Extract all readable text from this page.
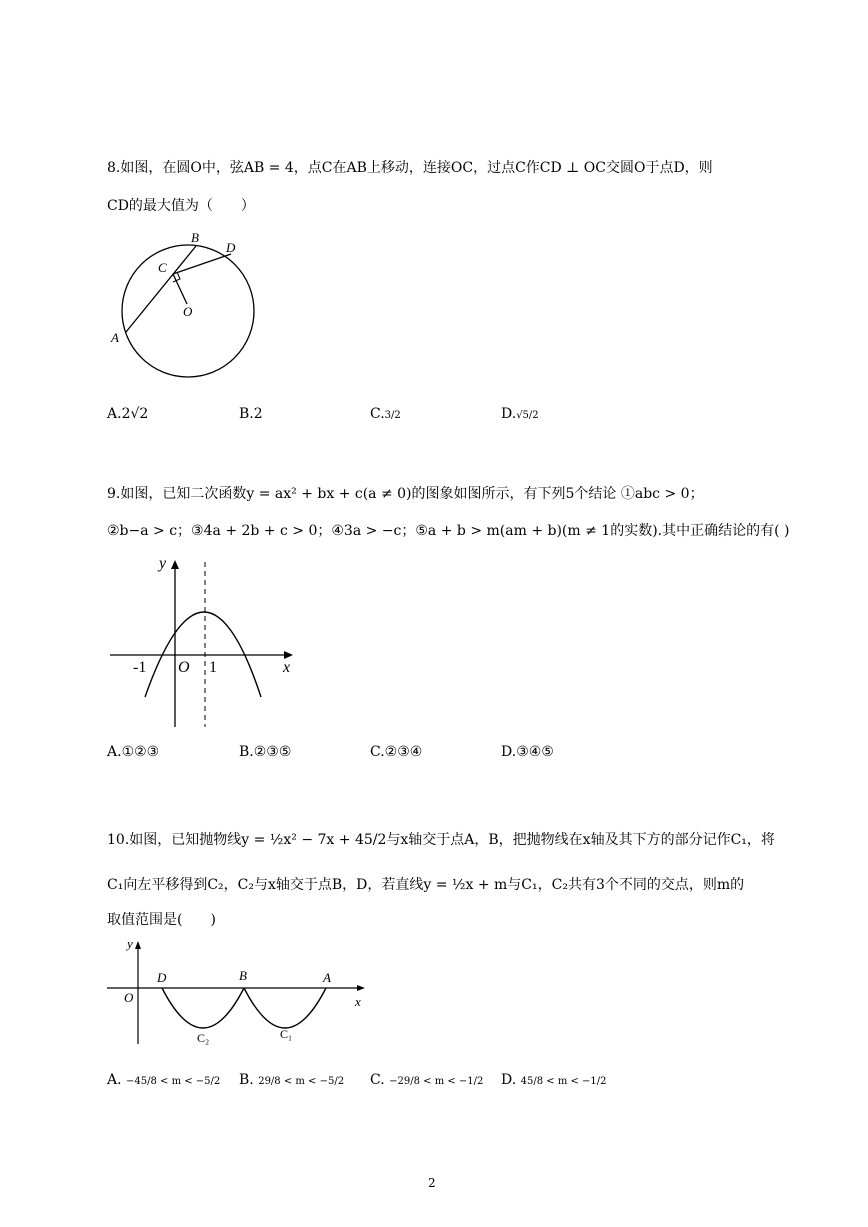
8.如图，在圆O中，弦AB = 4，点C在AB上移动，连接OC，过点C作CD ⊥ OC交圆O于点D，则
CD的最大值为（　　）
B
D
C
O
A
A.2√2	B.2	C.3/2	D.√5/2
9.如图，已知二次函数y = ax² + bx + c(a ≠ 0)的图象如图所示，有下列5个结论 ①abc > 0；
②b−a > c；③4a + 2b + c > 0；④3a > −c；⑤a + b > m(am + b)(m ≠ 1的实数).其中正确结论的有( )
y
x
-1 O 1
A.①②③	B.②③⑤	C.②③④	D.③④⑤
10.如图，已知抛物线y = ½x² − 7x + 45/2与x轴交于点A，B，把抛物线在x轴及其下方的部分记作C₁，将
C₁向左平移得到C₂，C₂与x轴交于点B，D，若直线y = ½x + m与C₁，C₂共有3个不同的交点，则m的
取值范围是(　　)
y
x
O
D	B	A
C₂	C₁
A. −45/8 < m < −5/2 B. 29/8 < m < −5/2 C. −29/8 < m < −1/2 D. 45/8 < m < −1/2
2
